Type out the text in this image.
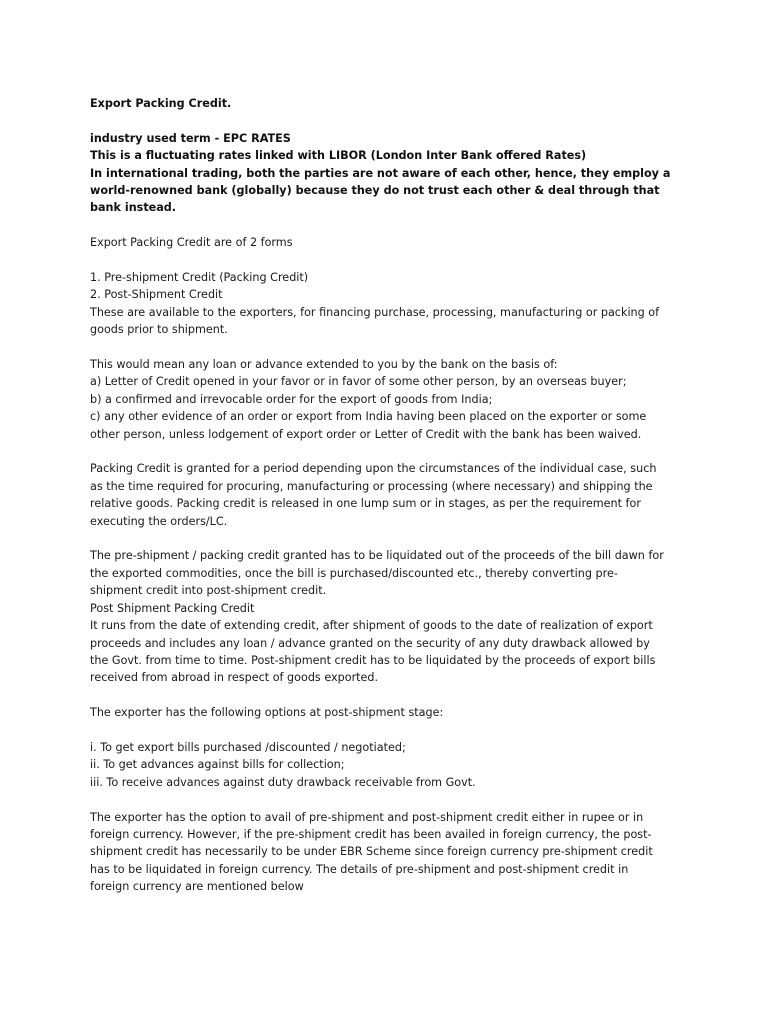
Export Packing Credit.
industry used term - EPC RATES
This is a fluctuating rates linked with LIBOR (London Inter Bank offered Rates)
In international trading, both the parties are not aware of each other, hence, they employ a
world-renowned bank (globally) because they do not trust each other & deal through that
bank instead.
Export Packing Credit are of 2 forms
1. Pre-shipment Credit (Packing Credit)
2. Post-Shipment Credit
These are available to the exporters, for financing purchase, processing, manufacturing or packing of
goods prior to shipment.
This would mean any loan or advance extended to you by the bank on the basis of:
a) Letter of Credit opened in your favor or in favor of some other person, by an overseas buyer;
b) a confirmed and irrevocable order for the export of goods from India;
c) any other evidence of an order or export from India having been placed on the exporter or some
other person, unless lodgement of export order or Letter of Credit with the bank has been waived.
Packing Credit is granted for a period depending upon the circumstances of the individual case, such
as the time required for procuring, manufacturing or processing (where necessary) and shipping the
relative goods. Packing credit is released in one lump sum or in stages, as per the requirement for
executing the orders/LC.
The pre-shipment / packing credit granted has to be liquidated out of the proceeds of the bill dawn for
the exported commodities, once the bill is purchased/discounted etc., thereby converting pre-
shipment credit into post-shipment credit.
Post Shipment Packing Credit
It runs from the date of extending credit, after shipment of goods to the date of realization of export
proceeds and includes any loan / advance granted on the security of any duty drawback allowed by
the Govt. from time to time. Post-shipment credit has to be liquidated by the proceeds of export bills
received from abroad in respect of goods exported.
The exporter has the following options at post-shipment stage:
i. To get export bills purchased /discounted / negotiated;
ii. To get advances against bills for collection;
iii. To receive advances against duty drawback receivable from Govt.
The exporter has the option to avail of pre-shipment and post-shipment credit either in rupee or in
foreign currency. However, if the pre-shipment credit has been availed in foreign currency, the post-
shipment credit has necessarily to be under EBR Scheme since foreign currency pre-shipment credit
has to be liquidated in foreign currency. The details of pre-shipment and post-shipment credit in
foreign currency are mentioned below
